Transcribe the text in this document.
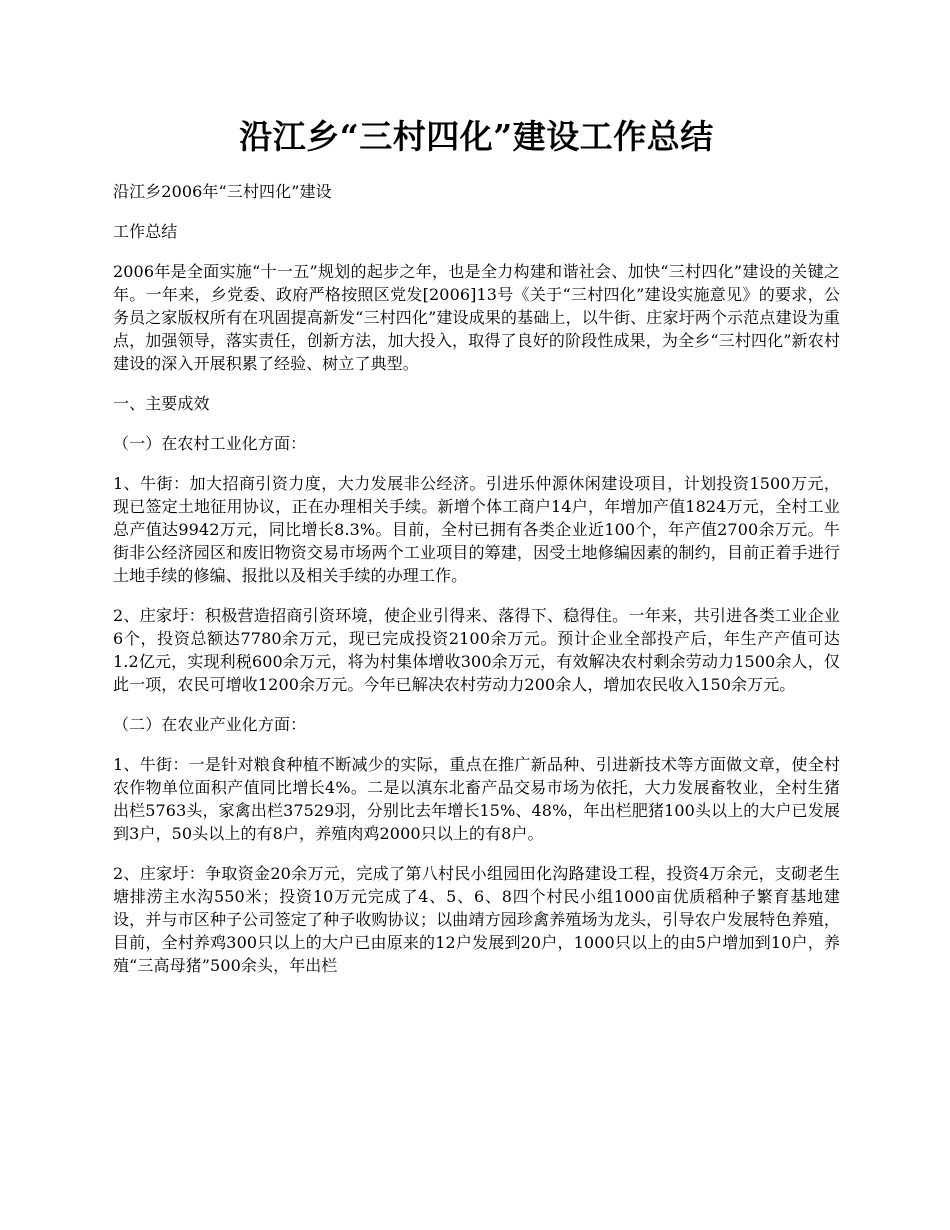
沿江乡“三村四化”建设工作总结

沿江乡2006年“三村四化”建设

工作总结

2006年是全面实施“十一五”规划的起步之年，也是全力构建和谐社会、加快“三村四化”建设的关键之年。一年来，乡党委、政府严格按照区党发[2006]13号《关于“三村四化”建设实施意见》的要求，公务员之家版权所有在巩固提高新发“三村四化”建设成果的基础上，以牛街、庄家圩两个示范点建设为重点，加强领导，落实责任，创新方法，加大投入，取得了良好的阶段性成果，为全乡“三村四化”新农村建设的深入开展积累了经验、树立了典型。

一、主要成效

（一）在农村工业化方面：

1、牛街：加大招商引资力度，大力发展非公经济。引进乐仲源休闲建设项目，计划投资1500万元，现已签定土地征用协议，正在办理相关手续。新增个体工商户14户，年增加产值1824万元，全村工业总产值达9942万元，同比增长8.3%。目前，全村已拥有各类企业近100个，年产值2700余万元。牛街非公经济园区和废旧物资交易市场两个工业项目的筹建，因受土地修编因素的制约，目前正着手进行土地手续的修编、报批以及相关手续的办理工作。

2、庄家圩：积极营造招商引资环境，使企业引得来、落得下、稳得住。一年来，共引进各类工业企业6个，投资总额达7780余万元，现已完成投资2100余万元。预计企业全部投产后，年生产产值可达1.2亿元，实现利税600余万元，将为村集体增收300余万元，有效解决农村剩余劳动力1500余人，仅此一项，农民可增收1200余万元。今年已解决农村劳动力200余人，增加农民收入150余万元。

（二）在农业产业化方面：

1、牛街：一是针对粮食种植不断减少的实际，重点在推广新品种、引进新技术等方面做文章，使全村农作物单位面积产值同比增长4%。二是以滇东北畜产品交易市场为依托，大力发展畜牧业，全村生猪出栏5763头，家禽出栏37529羽，分别比去年增长15%、48%，年出栏肥猪100头以上的大户已发展到3户，50头以上的有8户，养殖肉鸡2000只以上的有8户。

2、庄家圩：争取资金20余万元，完成了第八村民小组园田化沟路建设工程，投资4万余元，支砌老生塘排涝主水沟550米；投资10万元完成了4、5、6、8四个村民小组1000亩优质稻种子繁育基地建设，并与市区种子公司签定了种子收购协议；以曲靖方园珍禽养殖场为龙头，引导农户发展特色养殖，目前，全村养鸡300只以上的大户已由原来的12户发展到20户，1000只以上的由5户增加到10户，养殖“三高母猪”500余头，年出栏
